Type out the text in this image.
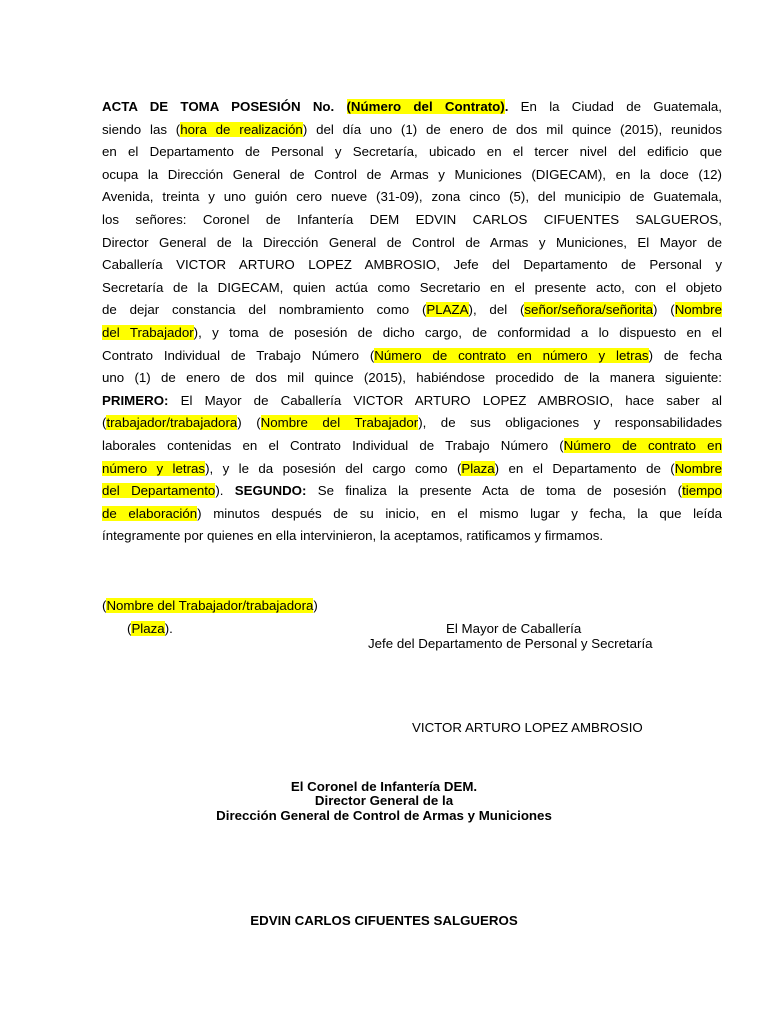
ACTA DE TOMA POSESIÓN No. (Número del Contrato). En la Ciudad de Guatemala,
siendo las (hora de realización) del día uno (1) de enero de dos mil quince (2015), reunidos
en el Departamento de Personal y Secretaría, ubicado en el tercer nivel del edificio que
ocupa la Dirección General de Control de Armas y Municiones (DIGECAM), en la doce (12)
Avenida, treinta y uno guión cero nueve (31-09), zona cinco (5), del municipio de Guatemala,
los señores: Coronel de Infantería DEM EDVIN CARLOS CIFUENTES SALGUEROS,
Director General de la Dirección General de Control de Armas y Municiones, El Mayor de
Caballería VICTOR ARTURO LOPEZ AMBROSIO, Jefe del Departamento de Personal y
Secretaría de la DIGECAM, quien actúa como Secretario en el presente acto, con el objeto
de dejar constancia del nombramiento como (PLAZA), del (señor/señora/señorita) (Nombre
del Trabajador), y toma de posesión de dicho cargo, de conformidad a lo dispuesto en el
Contrato Individual de Trabajo Número (Número de contrato en número y letras) de fecha
uno (1) de enero de dos mil quince (2015), habiéndose procedido de la manera siguiente:
PRIMERO: El Mayor de Caballería VICTOR ARTURO LOPEZ AMBROSIO, hace saber al
(trabajador/trabajadora) (Nombre del Trabajador), de sus obligaciones y responsabilidades
laborales contenidas en el Contrato Individual de Trabajo Número (Número de contrato en
número y letras), y le da posesión del cargo como (Plaza) en el Departamento de (Nombre
del Departamento). SEGUNDO: Se finaliza la presente Acta de toma de posesión (tiempo
de elaboración) minutos después de su inicio, en el mismo lugar y fecha, la que leída
íntegramente por quienes en ella intervinieron, la aceptamos, ratificamos y firmamos.
(Nombre del Trabajador/trabajadora)
(Plaza).	El Mayor de Caballería
Jefe del Departamento de Personal y Secretaría
VICTOR ARTURO LOPEZ AMBROSIO
El Coronel de Infantería DEM.
Director General de la
Dirección General de Control de Armas y Municiones
EDVIN CARLOS CIFUENTES SALGUEROS
